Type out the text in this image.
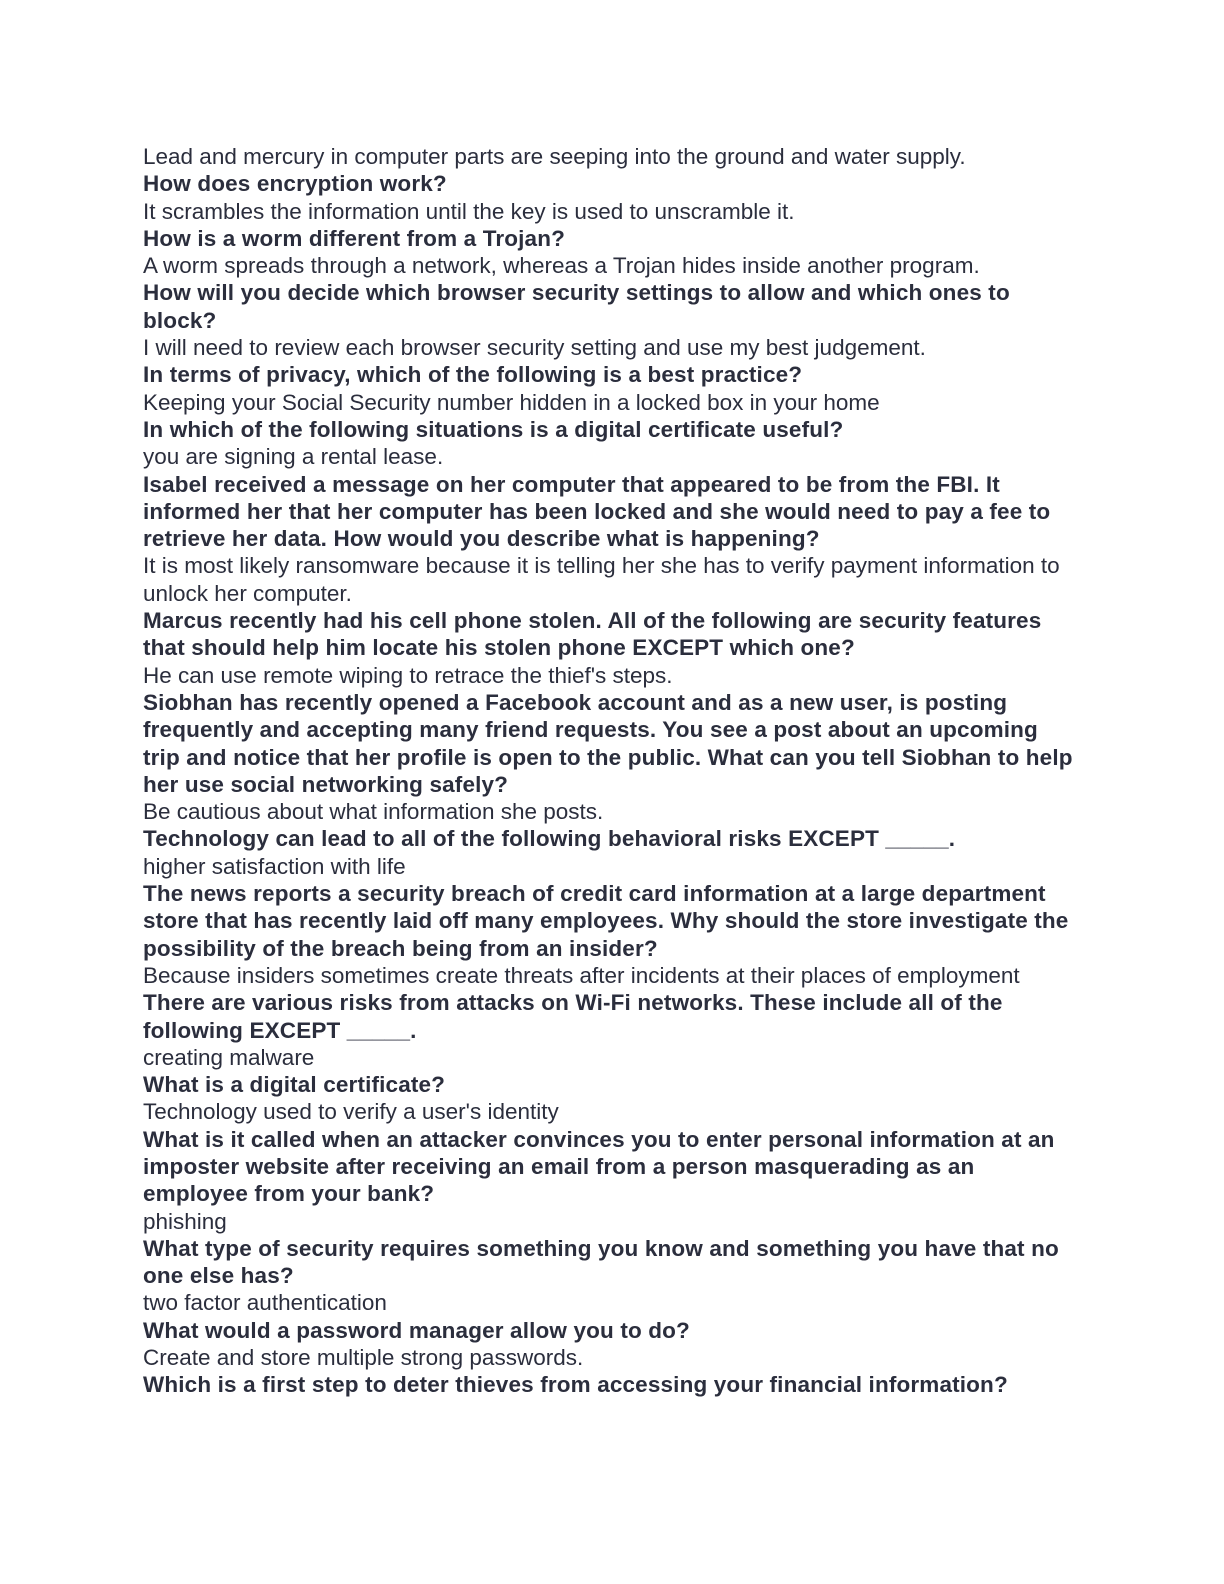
Lead and mercury in computer parts are seeping into the ground and water supply.
How does encryption work?
It scrambles the information until the key is used to unscramble it.
How is a worm different from a Trojan?
A worm spreads through a network, whereas a Trojan hides inside another program.
How will you decide which browser security settings to allow and which ones to block?
I will need to review each browser security setting and use my best judgement.
In terms of privacy, which of the following is a best practice?
Keeping your Social Security number hidden in a locked box in your home
In which of the following situations is a digital certificate useful?
you are signing a rental lease.
Isabel received a message on her computer that appeared to be from the FBI. It informed her that her computer has been locked and she would need to pay a fee to retrieve her data. How would you describe what is happening?
It is most likely ransomware because it is telling her she has to verify payment information to unlock her computer.
Marcus recently had his cell phone stolen. All of the following are security features that should help him locate his stolen phone EXCEPT which one?
He can use remote wiping to retrace the thief's steps.
Siobhan has recently opened a Facebook account and as a new user, is posting frequently and accepting many friend requests. You see a post about an upcoming trip and notice that her profile is open to the public. What can you tell Siobhan to help her use social networking safely?
Be cautious about what information she posts.
Technology can lead to all of the following behavioral risks EXCEPT _____.
higher satisfaction with life
The news reports a security breach of credit card information at a large department store that has recently laid off many employees. Why should the store investigate the possibility of the breach being from an insider?
Because insiders sometimes create threats after incidents at their places of employment
There are various risks from attacks on Wi-Fi networks. These include all of the following EXCEPT _____.
creating malware
What is a digital certificate?
Technology used to verify a user's identity
What is it called when an attacker convinces you to enter personal information at an imposter website after receiving an email from a person masquerading as an employee from your bank?
phishing
What type of security requires something you know and something you have that no one else has?
two factor authentication
What would a password manager allow you to do?
Create and store multiple strong passwords.
Which is a first step to deter thieves from accessing your financial information?
